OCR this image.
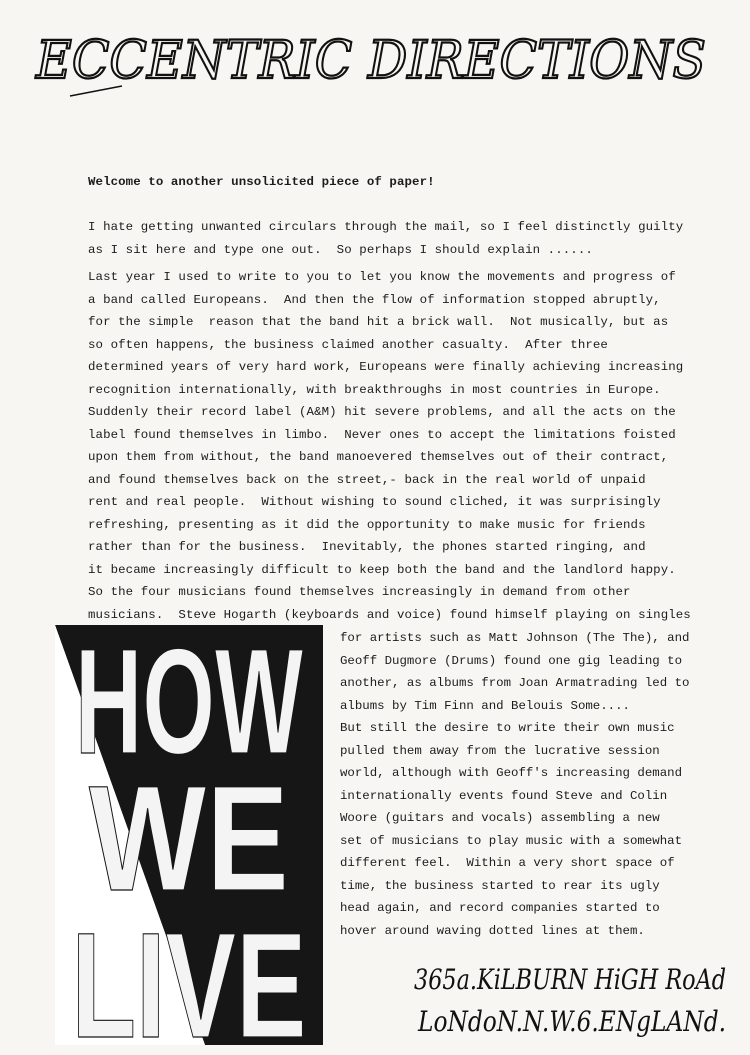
ECCENTRIC DIRECTIONS
Welcome to another unsolicited piece of paper!
I hate getting unwanted circulars through the mail, so I feel distinctly guilty
as I sit here and type one out.  So perhaps I should explain ......
Last year I used to write to you to let you know the movements and progress of
a band called Europeans.  And then the flow of information stopped abruptly,
for the simple  reason that the band hit a brick wall.  Not musically, but as
so often happens, the business claimed another casualty.  After three
determined years of very hard work, Europeans were finally achieving increasing
recognition internationally, with breakthroughs in most countries in Europe.
Suddenly their record label (A&M) hit severe problems, and all the acts on the
label found themselves in limbo.  Never ones to accept the limitations foisted
upon them from without, the band manoevered themselves out of their contract,
and found themselves back on the street,- back in the real world of unpaid
rent and real people.  Without wishing to sound cliched, it was surprisingly
refreshing, presenting as it did the opportunity to make music for friends
rather than for the business.  Inevitably, the phones started ringing, and
it became increasingly difficult to keep both the band and the landlord happy.
So the four musicians found themselves increasingly in demand from other
musicians.  Steve Hogarth (keyboards and voice) found himself playing on singles
for artists such as Matt Johnson (The The), and
Geoff Dugmore (Drums) found one gig leading to
another, as albums from Joan Armatrading led to
albums by Tim Finn and Belouis Some....
But still the desire to write their own music
pulled them away from the lucrative session
world, although with Geoff's increasing demand
internationally events found Steve and Colin
Woore (guitars and vocals) assembling a new
set of musicians to play music with a somewhat
different feel.  Within a very short space of
time, the business started to rear its ugly
head again, and record companies started to
hover around waving dotted lines at them.
HOW
WE
LIVE	365a.KiLBURN HiGH RoAd
LoNdoN.N.W.6.ENgLANd.
